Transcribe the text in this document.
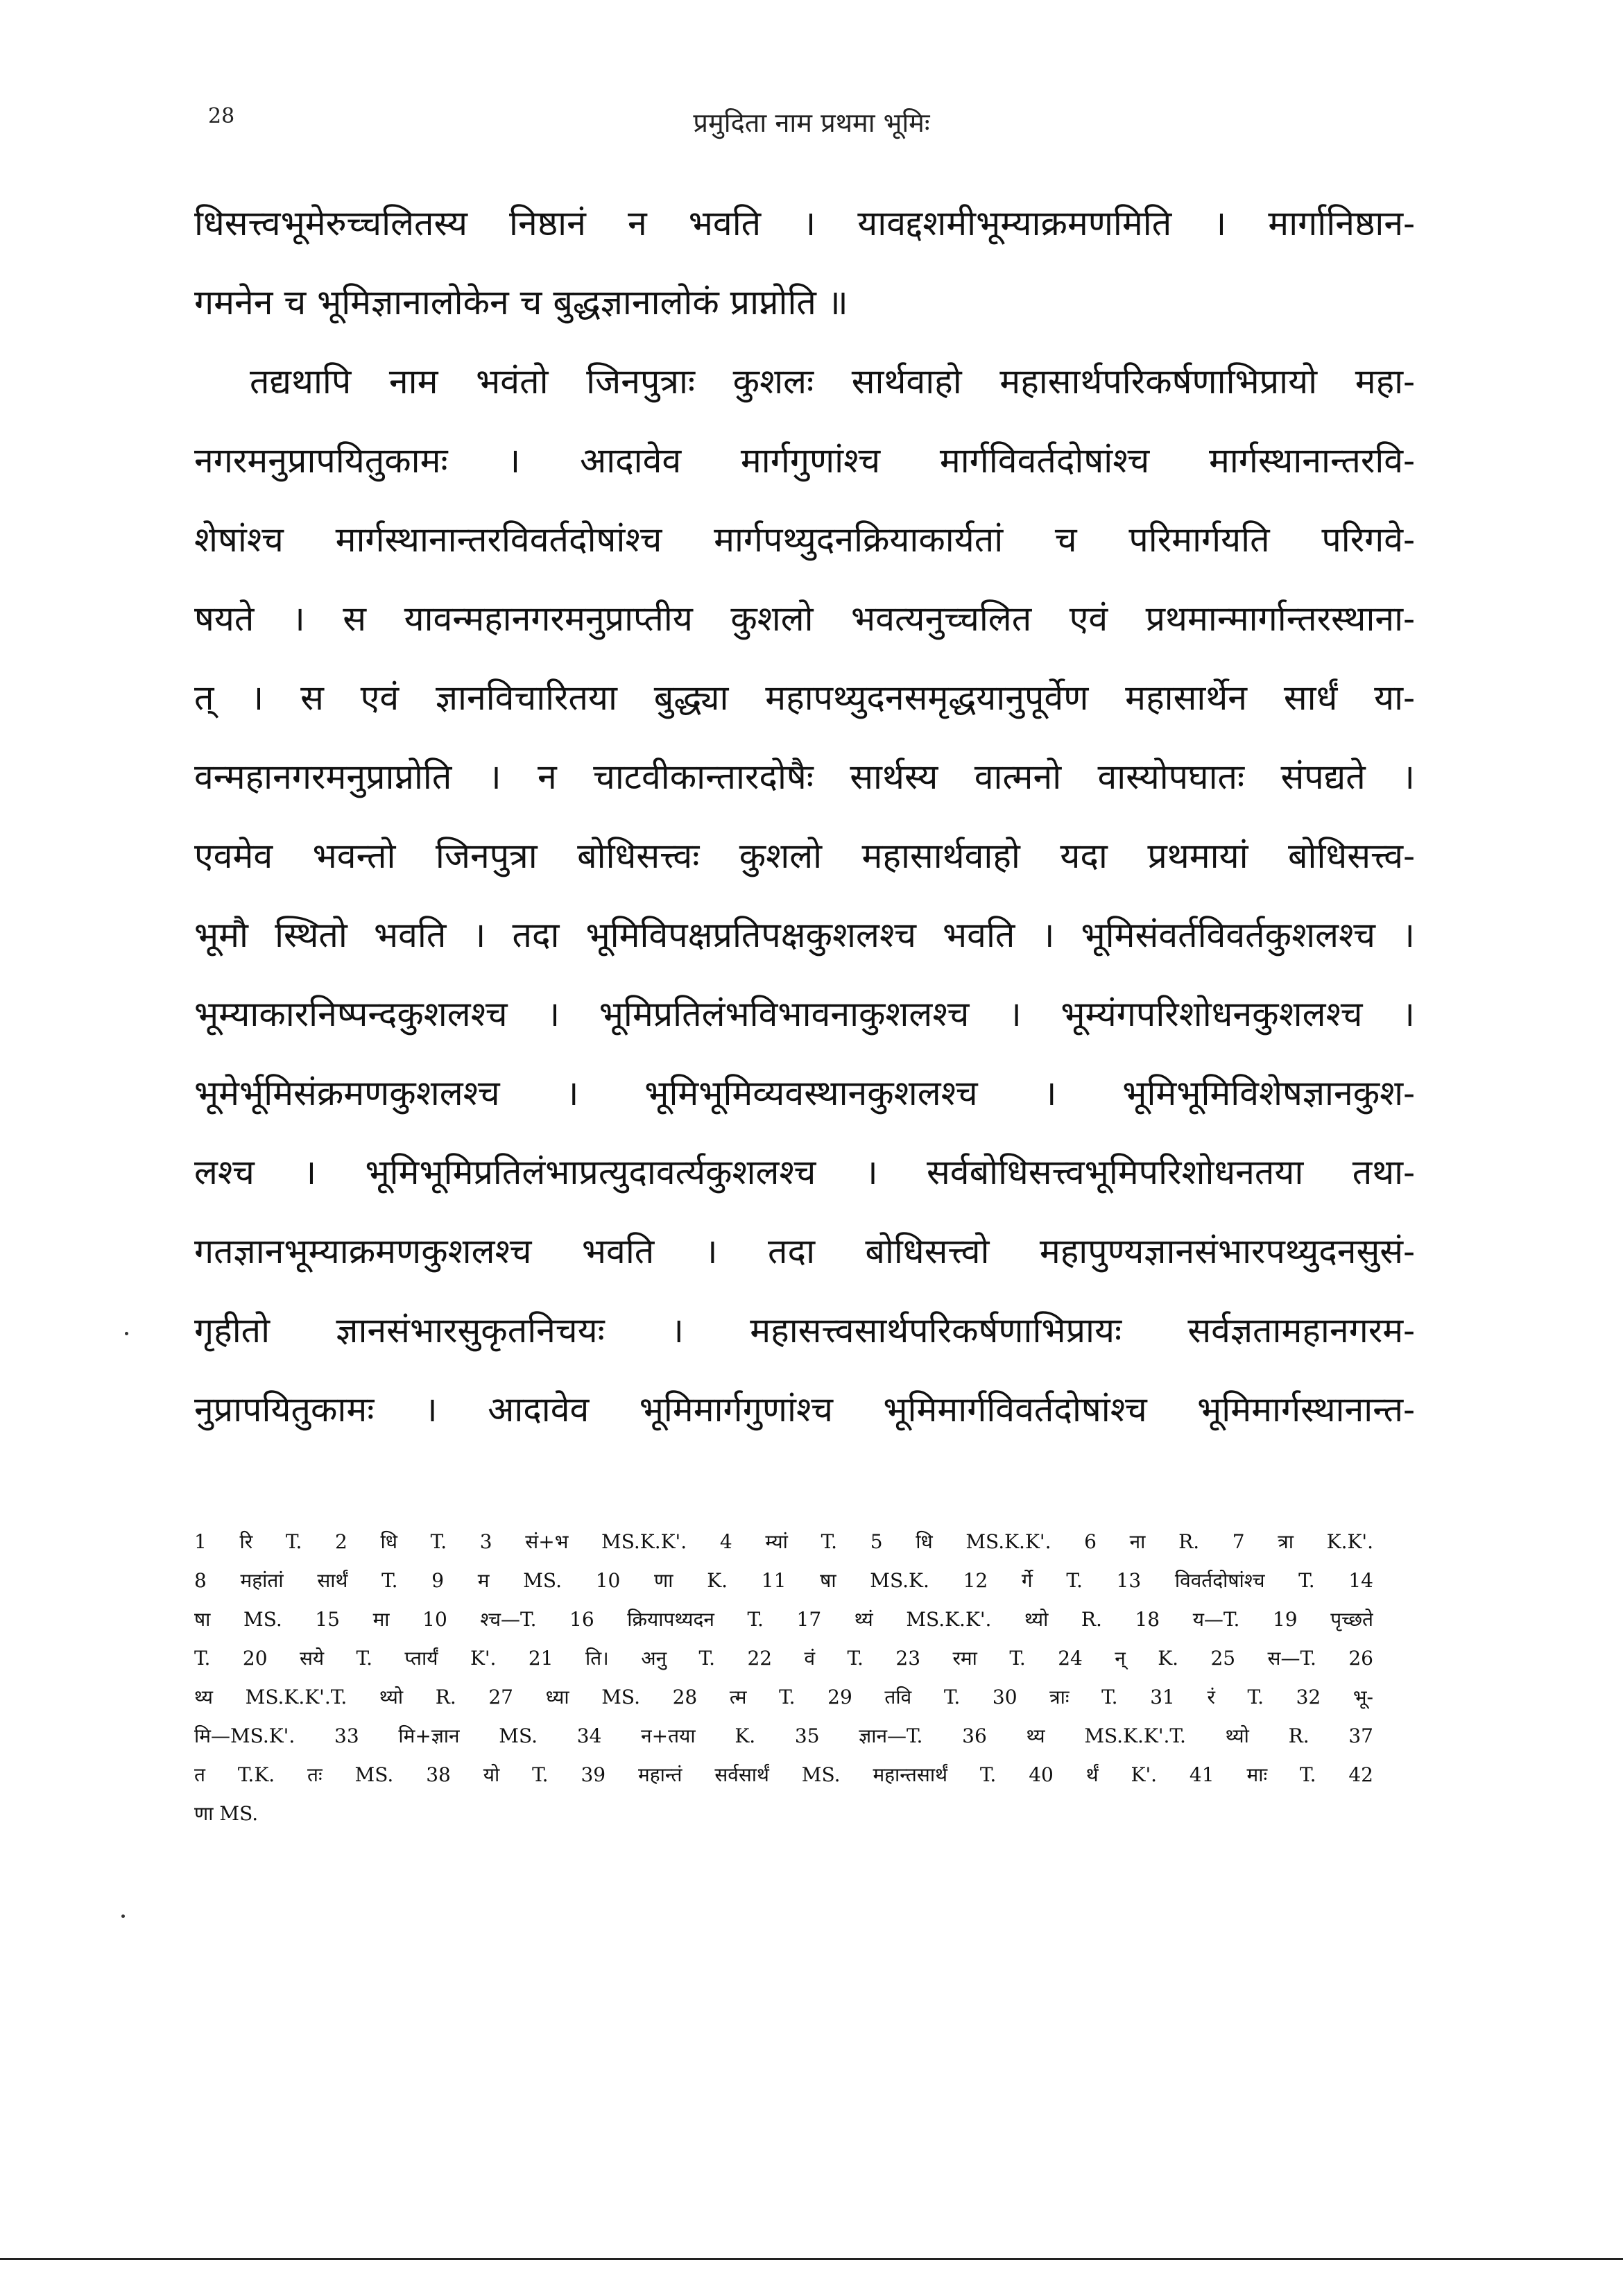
28	प्रमुदिता नाम प्रथमा भूमिः
धिसत्त्वभूमेरुच्चलितस्य निष्ठानं न भवति । यावद्दशमीभूम्याक्रमणमिति । मार्गानिष्ठान-
गमनेन च भूमिज्ञानालोकेन च बुद्धज्ञानालोकं प्राप्नोति ॥
तद्यथापि नाम भवंतो जिनपुत्राः कुशलः सार्थवाहो महासार्थपरिकर्षणाभिप्रायो महा-
नगरमनुप्रापयितुकामः । आदावेव मार्गगुणांश्च मार्गविवर्तदोषांश्च मार्गस्थानान्तरवि-
शेषांश्च मार्गस्थानान्तरविवर्तदोषांश्च मार्गपथ्युदनक्रियाकार्यतां च परिमार्गयति परिगवे-
षयते । स यावन्महानगरमनुप्राप्तीय कुशलो भवत्यनुच्चलित एवं प्रथमान्मार्गान्तरस्थाना-
त् । स एवं ज्ञानविचारितया बुद्ध्या महापथ्युदनसमृद्धयानुपूर्वेण महासार्थेन सार्धं या-
वन्महानगरमनुप्राप्नोति । न चाटवीकान्तारदोषैः सार्थस्य वात्मनो वास्योपघातः संपद्यते ।
एवमेव भवन्तो जिनपुत्रा बोधिसत्त्वः कुशलो महासार्थवाहो यदा प्रथमायां बोधिसत्त्व-
भूमौ स्थितो भवति । तदा भूमिविपक्षप्रतिपक्षकुशलश्च भवति । भूमिसंवर्तविवर्तकुशलश्च ।
भूम्याकारनिष्पन्दकुशलश्च । भूमिप्रतिलंभविभावनाकुशलश्च । भूम्यंगपरिशोधनकुशलश्च ।
भूमेर्भूमिसंक्रमणकुशलश्च । भूमिभूमिव्यवस्थानकुशलश्च । भूमिभूमिविशेषज्ञानकुश-
लश्च । भूमिभूमिप्रतिलंभाप्रत्युदावर्त्यकुशलश्च । सर्वबोधिसत्त्वभूमिपरिशोधनतया तथा-
गतज्ञानभूम्याक्रमणकुशलश्च भवति । तदा बोधिसत्त्वो महापुण्यज्ञानसंभारपथ्युदनसुसं-
गृहीतो ज्ञानसंभारसुकृतनिचयः । महासत्त्वसार्थपरिकर्षणाभिप्रायः सर्वज्ञतामहानगरम-
नुप्रापयितुकामः । आदावेव भूमिमार्गगुणांश्च भूमिमार्गविवर्तदोषांश्च भूमिमार्गस्थानान्त-
1 रि T. 2 धि T. 3 सं+भ MS.K.K'. 4 म्यां T. 5 धि MS.K.K'. 6 ना R. 7 त्रा K.K'.
8 महांतां सार्थं T. 9 म MS. 10 णा K. 11 षा MS.K. 12 र्गे T. 13 विवर्तदोषांश्च T. 14
षा MS. 15 मा 10 श्च—T. 16 क्रियापथ्यदन T. 17 थ्यं MS.K.K'. थ्यो R. 18 य—T. 19 पृच्छते
T. 20 सये T. प्तार्यं K'. 21 ति। अनु T. 22 वं T. 23 रमा T. 24 न् K. 25 स—T. 26
थ्य MS.K.K'.T. थ्यो R. 27 ध्या MS. 28 त्म T. 29 तवि T. 30 त्राः T. 31 रं T. 32 भू-
मि—MS.K'. 33 मि+ज्ञान MS. 34 न+तया K. 35 ज्ञान—T. 36 थ्य MS.K.K'.T. थ्यो R. 37
त T.K. तः MS. 38 यो T. 39 महान्तं सर्वसार्थं MS. महान्तसार्थं T. 40 र्थं K'. 41 माः T. 42
णा MS.
